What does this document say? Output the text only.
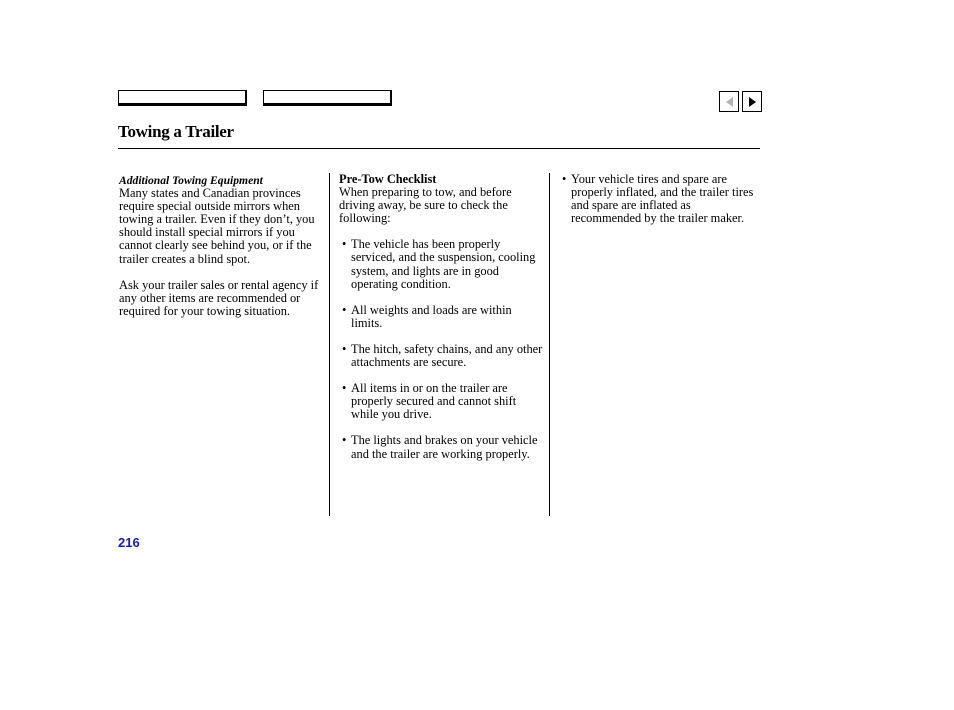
Towing a Trailer
Additional Towing Equipment

Many states and Canadian provinces require special outside mirrors when towing a trailer. Even if they don’t, you should install special mirrors if you cannot clearly see behind you, or if the trailer creates a blind spot.

Ask your trailer sales or rental agency if any other items are recommended or required for your towing situation.

Pre-Tow Checklist

When preparing to tow, and before driving away, be sure to check the following:

• The vehicle has been properly serviced, and the suspension, cooling system, and lights are in good operating condition.
• All weights and loads are within limits.
• The hitch, safety chains, and any other attachments are secure.
• All items in or on the trailer are properly secured and cannot shift while you drive.
• The lights and brakes on your vehicle and the trailer are working properly.
• Your vehicle tires and spare are properly inflated, and the trailer tires and spare are inflated as recommended by the trailer maker.
216
